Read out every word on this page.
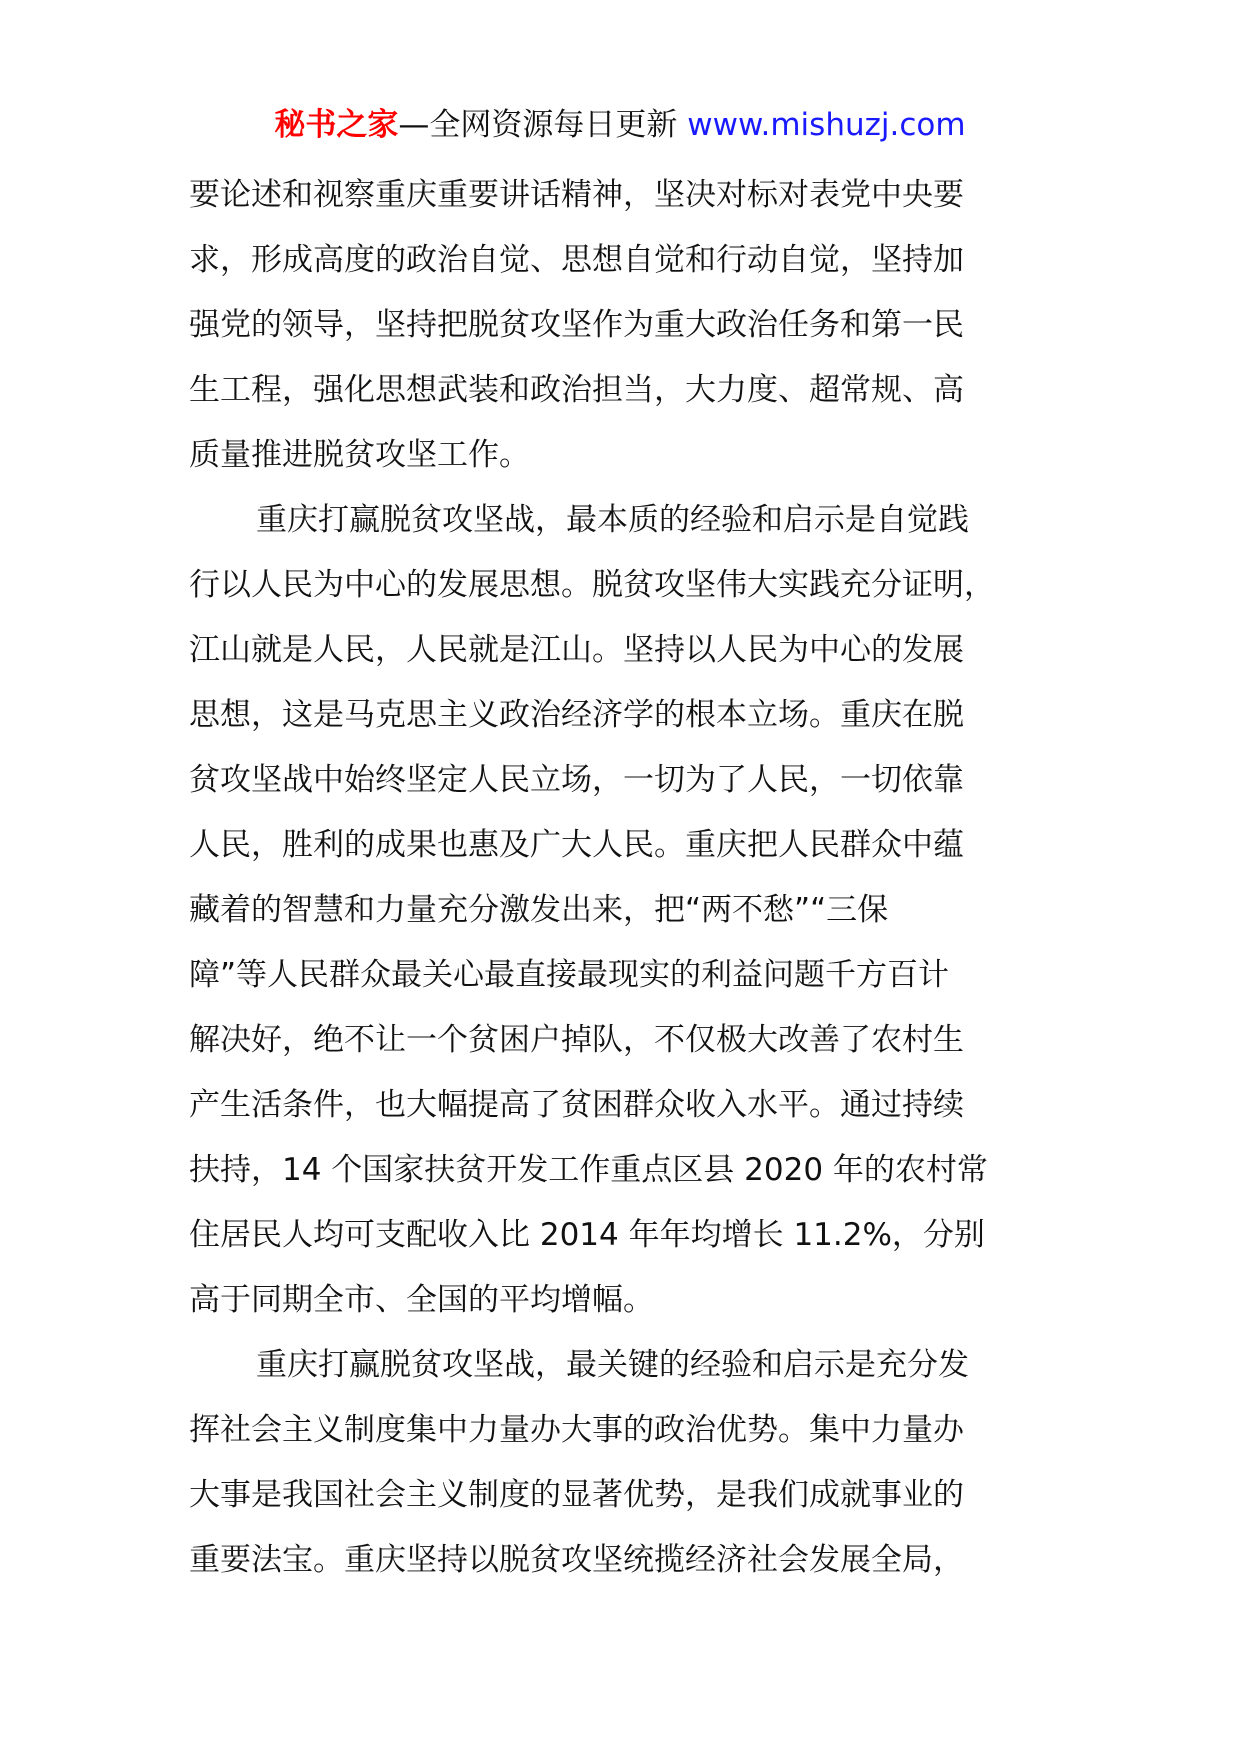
秘书之家—全网资源每日更新 www.mishuzj.com
要论述和视察重庆重要讲话精神，坚决对标对表党中央要
求，形成高度的政治自觉、思想自觉和行动自觉，坚持加
强党的领导，坚持把脱贫攻坚作为重大政治任务和第一民
生工程，强化思想武装和政治担当，大力度、超常规、高
质量推进脱贫攻坚工作。
重庆打赢脱贫攻坚战，最本质的经验和启示是自觉践
行以人民为中心的发展思想。脱贫攻坚伟大实践充分证明，
江山就是人民，人民就是江山。坚持以人民为中心的发展
思想，这是马克思主义政治经济学的根本立场。重庆在脱
贫攻坚战中始终坚定人民立场，一切为了人民，一切依靠
人民，胜利的成果也惠及广大人民。重庆把人民群众中蕴
藏着的智慧和力量充分激发出来，把“两不愁”“三保
障”等人民群众最关心最直接最现实的利益问题千方百计
解决好，绝不让一个贫困户掉队，不仅极大改善了农村生
产生活条件，也大幅提高了贫困群众收入水平。通过持续
扶持，14 个国家扶贫开发工作重点区县 2020 年的农村常
住居民人均可支配收入比 2014 年年均增长 11.2%，分别
高于同期全市、全国的平均增幅。
重庆打赢脱贫攻坚战，最关键的经验和启示是充分发
挥社会主义制度集中力量办大事的政治优势。集中力量办
大事是我国社会主义制度的显著优势，是我们成就事业的
重要法宝。重庆坚持以脱贫攻坚统揽经济社会发展全局，
